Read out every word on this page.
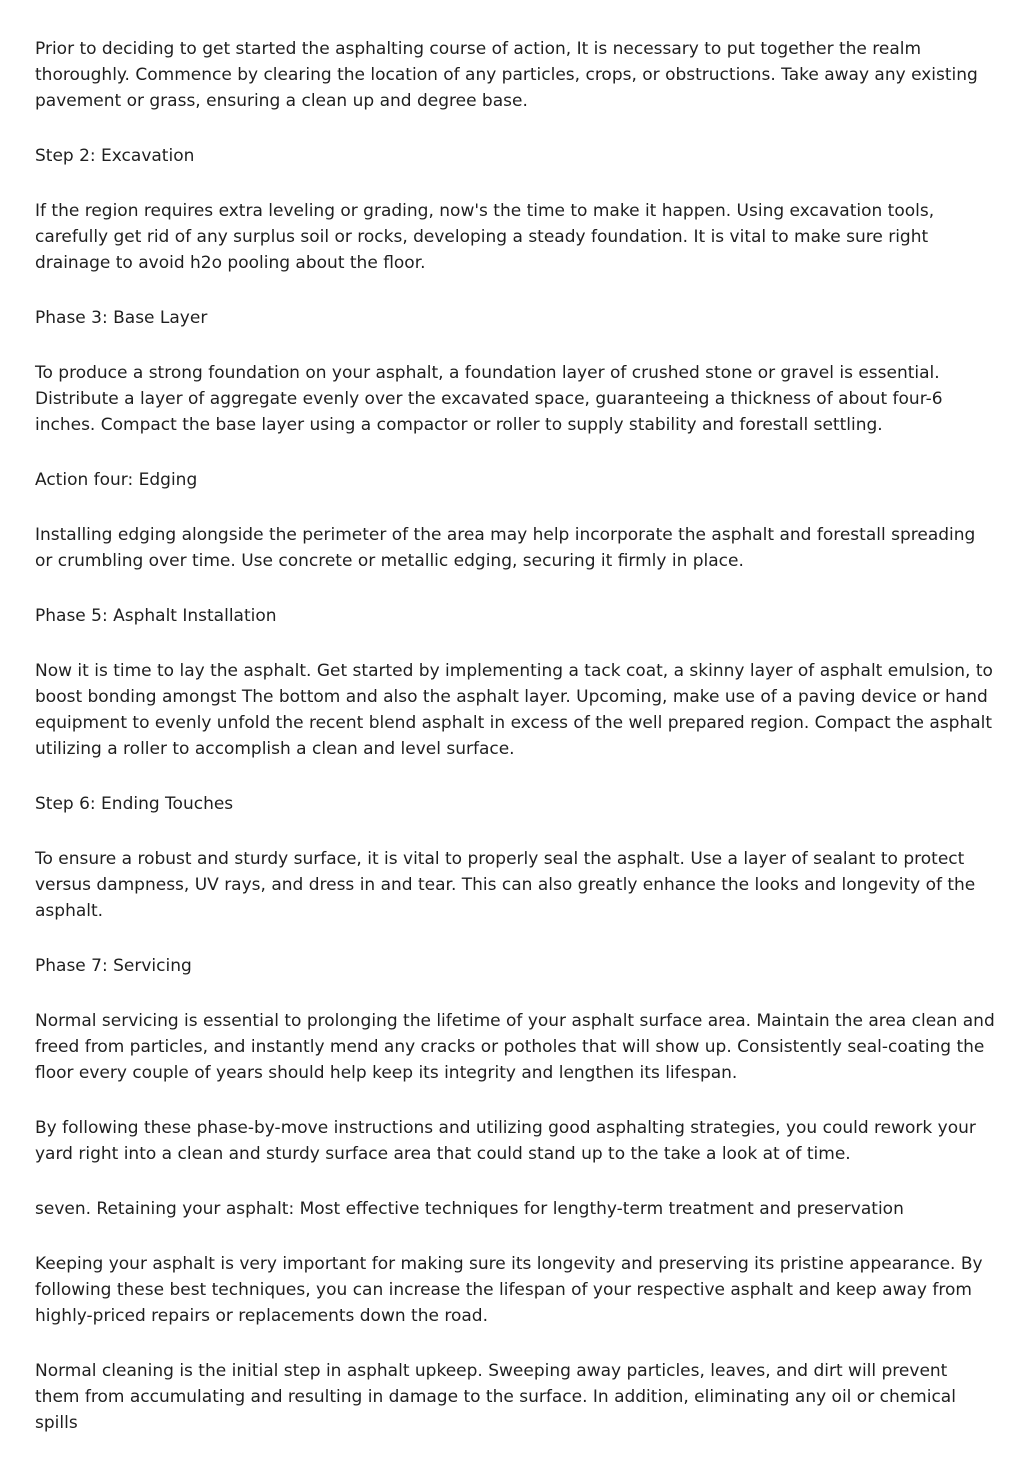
Prior to deciding to get started the asphalting course of action, It is necessary to put together the realm thoroughly. Commence by clearing the location of any particles, crops, or obstructions. Take away any existing pavement or grass, ensuring a clean up and degree base.

Step 2: Excavation

If the region requires extra leveling or grading, now's the time to make it happen. Using excavation tools, carefully get rid of any surplus soil or rocks, developing a steady foundation. It is vital to make sure right drainage to avoid h2o pooling about the floor.

Phase 3: Base Layer

To produce a strong foundation on your asphalt, a foundation layer of crushed stone or gravel is essential. Distribute a layer of aggregate evenly over the excavated space, guaranteeing a thickness of about four-6 inches. Compact the base layer using a compactor or roller to supply stability and forestall settling.

Action four: Edging

Installing edging alongside the perimeter of the area may help incorporate the asphalt and forestall spreading or crumbling over time. Use concrete or metallic edging, securing it firmly in place.

Phase 5: Asphalt Installation

Now it is time to lay the asphalt. Get started by implementing a tack coat, a skinny layer of asphalt emulsion, to boost bonding amongst The bottom and also the asphalt layer. Upcoming, make use of a paving device or hand equipment to evenly unfold the recent blend asphalt in excess of the well prepared region. Compact the asphalt utilizing a roller to accomplish a clean and level surface.

Step 6: Ending Touches

To ensure a robust and sturdy surface, it is vital to properly seal the asphalt. Use a layer of sealant to protect versus dampness, UV rays, and dress in and tear. This can also greatly enhance the looks and longevity of the asphalt.

Phase 7: Servicing

Normal servicing is essential to prolonging the lifetime of your asphalt surface area. Maintain the area clean and freed from particles, and instantly mend any cracks or potholes that will show up. Consistently seal-coating the floor every couple of years should help keep its integrity and lengthen its lifespan.

By following these phase-by-move instructions and utilizing good asphalting strategies, you could rework your yard right into a clean and sturdy surface area that could stand up to the take a look at of time.

seven. Retaining your asphalt: Most effective techniques for lengthy-term treatment and preservation

Keeping your asphalt is very important for making sure its longevity and preserving its pristine appearance. By following these best techniques, you can increase the lifespan of your respective asphalt and keep away from highly-priced repairs or replacements down the road.

Normal cleaning is the initial step in asphalt upkeep. Sweeping away particles, leaves, and dirt will prevent them from accumulating and resulting in damage to the surface. In addition, eliminating any oil or chemical spills
